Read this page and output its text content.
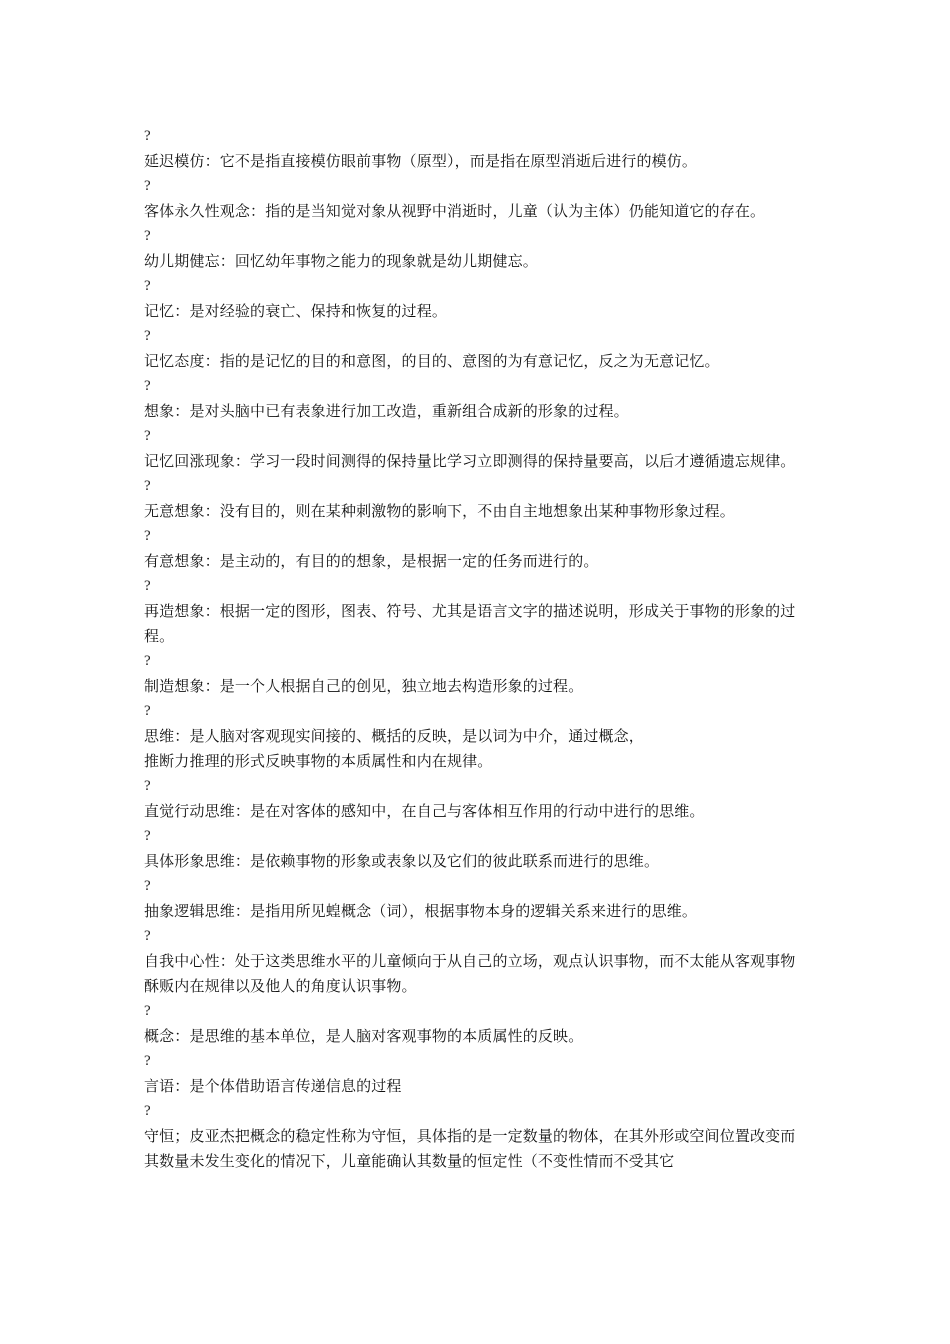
?
延迟模仿：它不是指直接模仿眼前事物（原型），而是指在原型消逝后进行的模仿。
?
客体永久性观念：指的是当知觉对象从视野中消逝时，儿童（认为主体）仍能知道它的存在。
?
幼儿期健忘：回忆幼年事物之能力的现象就是幼儿期健忘。
?
记忆：是对经验的衰亡、保持和恢复的过程。
?
记忆态度：指的是记忆的目的和意图，的目的、意图的为有意记忆，反之为无意记忆。
?
想象：是对头脑中已有表象进行加工改造，重新组合成新的形象的过程。
?
记忆回涨现象：学习一段时间测得的保持量比学习立即测得的保持量要高，以后才遵循遗忘规律。
?
无意想象：没有目的，则在某种刺激物的影响下，不由自主地想象出某种事物形象过程。
?
有意想象：是主动的，有目的的想象，是根据一定的任务而进行的。
?
再造想象：根据一定的图形，图表、符号、尤其是语言文字的描述说明，形成关于事物的形象的过程。
?
制造想象：是一个人根据自己的创见，独立地去构造形象的过程。
?
思维：是人脑对客观现实间接的、概括的反映，是以词为中介，通过概念，
推断力推理的形式反映事物的本质属性和内在规律。
?
直觉行动思维：是在对客体的感知中，在自己与客体相互作用的行动中进行的思维。
?
具体形象思维：是依赖事物的形象或表象以及它们的彼此联系而进行的思维。
?
抽象逻辑思维：是指用所见蝗概念（词），根据事物本身的逻辑关系来进行的思维。
?
自我中心性：处于这类思维水平的儿童倾向于从自己的立场，观点认识事物，而不太能从客观事物酥贩内在规律以及他人的角度认识事物。
?
概念：是思维的基本单位，是人脑对客观事物的本质属性的反映。
?
言语：是个体借助语言传递信息的过程
?
守恒；皮亚杰把概念的稳定性称为守恒，具体指的是一定数量的物体，在其外形或空间位置改变而其数量未发生变化的情况下，儿童能确认其数量的恒定性（不变性情而不受其它
